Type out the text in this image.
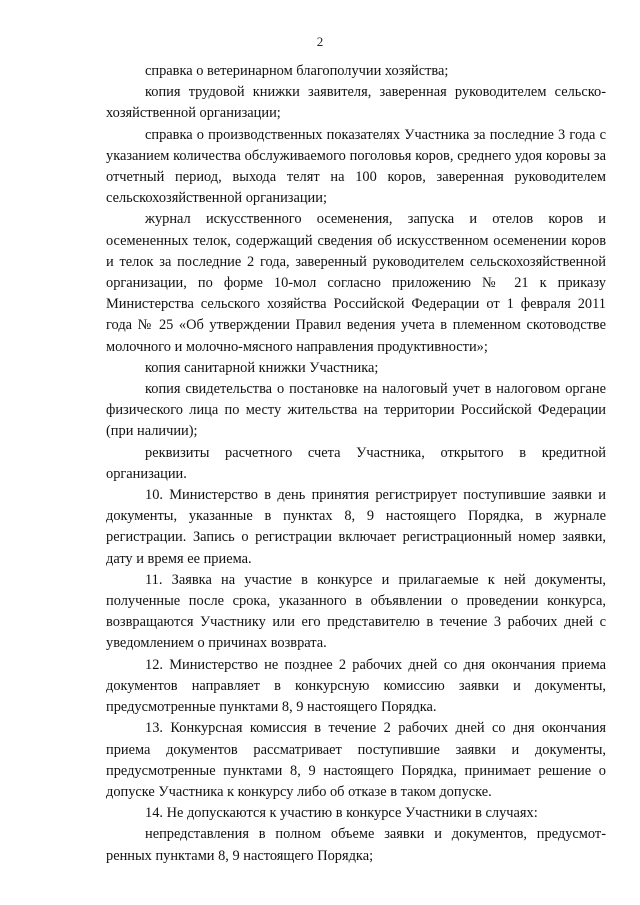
2

справка о ветеринарном благополучии хозяйства;

копия трудовой книжки заявителя, заверенная руководителем сельско-хозяйственной организации;

справка о производственных показателях Участника за последние 3 года с указанием количества обслуживаемого поголовья коров, среднего удоя коровы за отчетный период, выхода телят на 100 коров, заверенная руководителем сельскохозяйственной организации;

журнал искусственного осеменения, запуска и отелов коров и осемененных телок, содержащий сведения об искусственном осеменении коров и телок за последние 2 года, заверенный руководителем сельскохозяйственной организации, по форме 10-мол согласно приложению № 21 к приказу Министерства сельского хозяйства Российской Федерации от 1 февраля 2011 года № 25 «Об утверждении Правил ведения учета в племенном скотоводстве молочного и молочно-мясного направления продуктивности»;

копия санитарной книжки Участника;

копия свидетельства о постановке на налоговый учет в налоговом органе физического лица по месту жительства на территории Российской Федерации (при наличии);

реквизиты расчетного счета Участника, открытого в кредитной организации.

10. Министерство в день принятия регистрирует поступившие заявки и документы, указанные в пунктах 8, 9 настоящего Порядка, в журнале регистрации. Запись о регистрации включает регистрационный номер заявки, дату и время ее приема.

11. Заявка на участие в конкурсе и прилагаемые к ней документы, полученные после срока, указанного в объявлении о проведении конкурса, возвращаются Участнику или его представителю в течение 3 рабочих дней с уведомлением о причинах возврата.

12. Министерство не позднее 2 рабочих дней со дня окончания приема документов направляет в конкурсную комиссию заявки и документы, предусмотренные пунктами 8, 9 настоящего Порядка.

13. Конкурсная комиссия в течение 2 рабочих дней со дня окончания приема документов рассматривает поступившие заявки и документы, предусмотренные пунктами 8, 9 настоящего Порядка, принимает решение о допуске Участника к конкурсу либо об отказе в таком допуске.

14. Не допускаются к участию в конкурсе Участники в случаях:

непредставления в полном объеме заявки и документов, предусмот-ренных пунктами 8, 9 настоящего Порядка;
